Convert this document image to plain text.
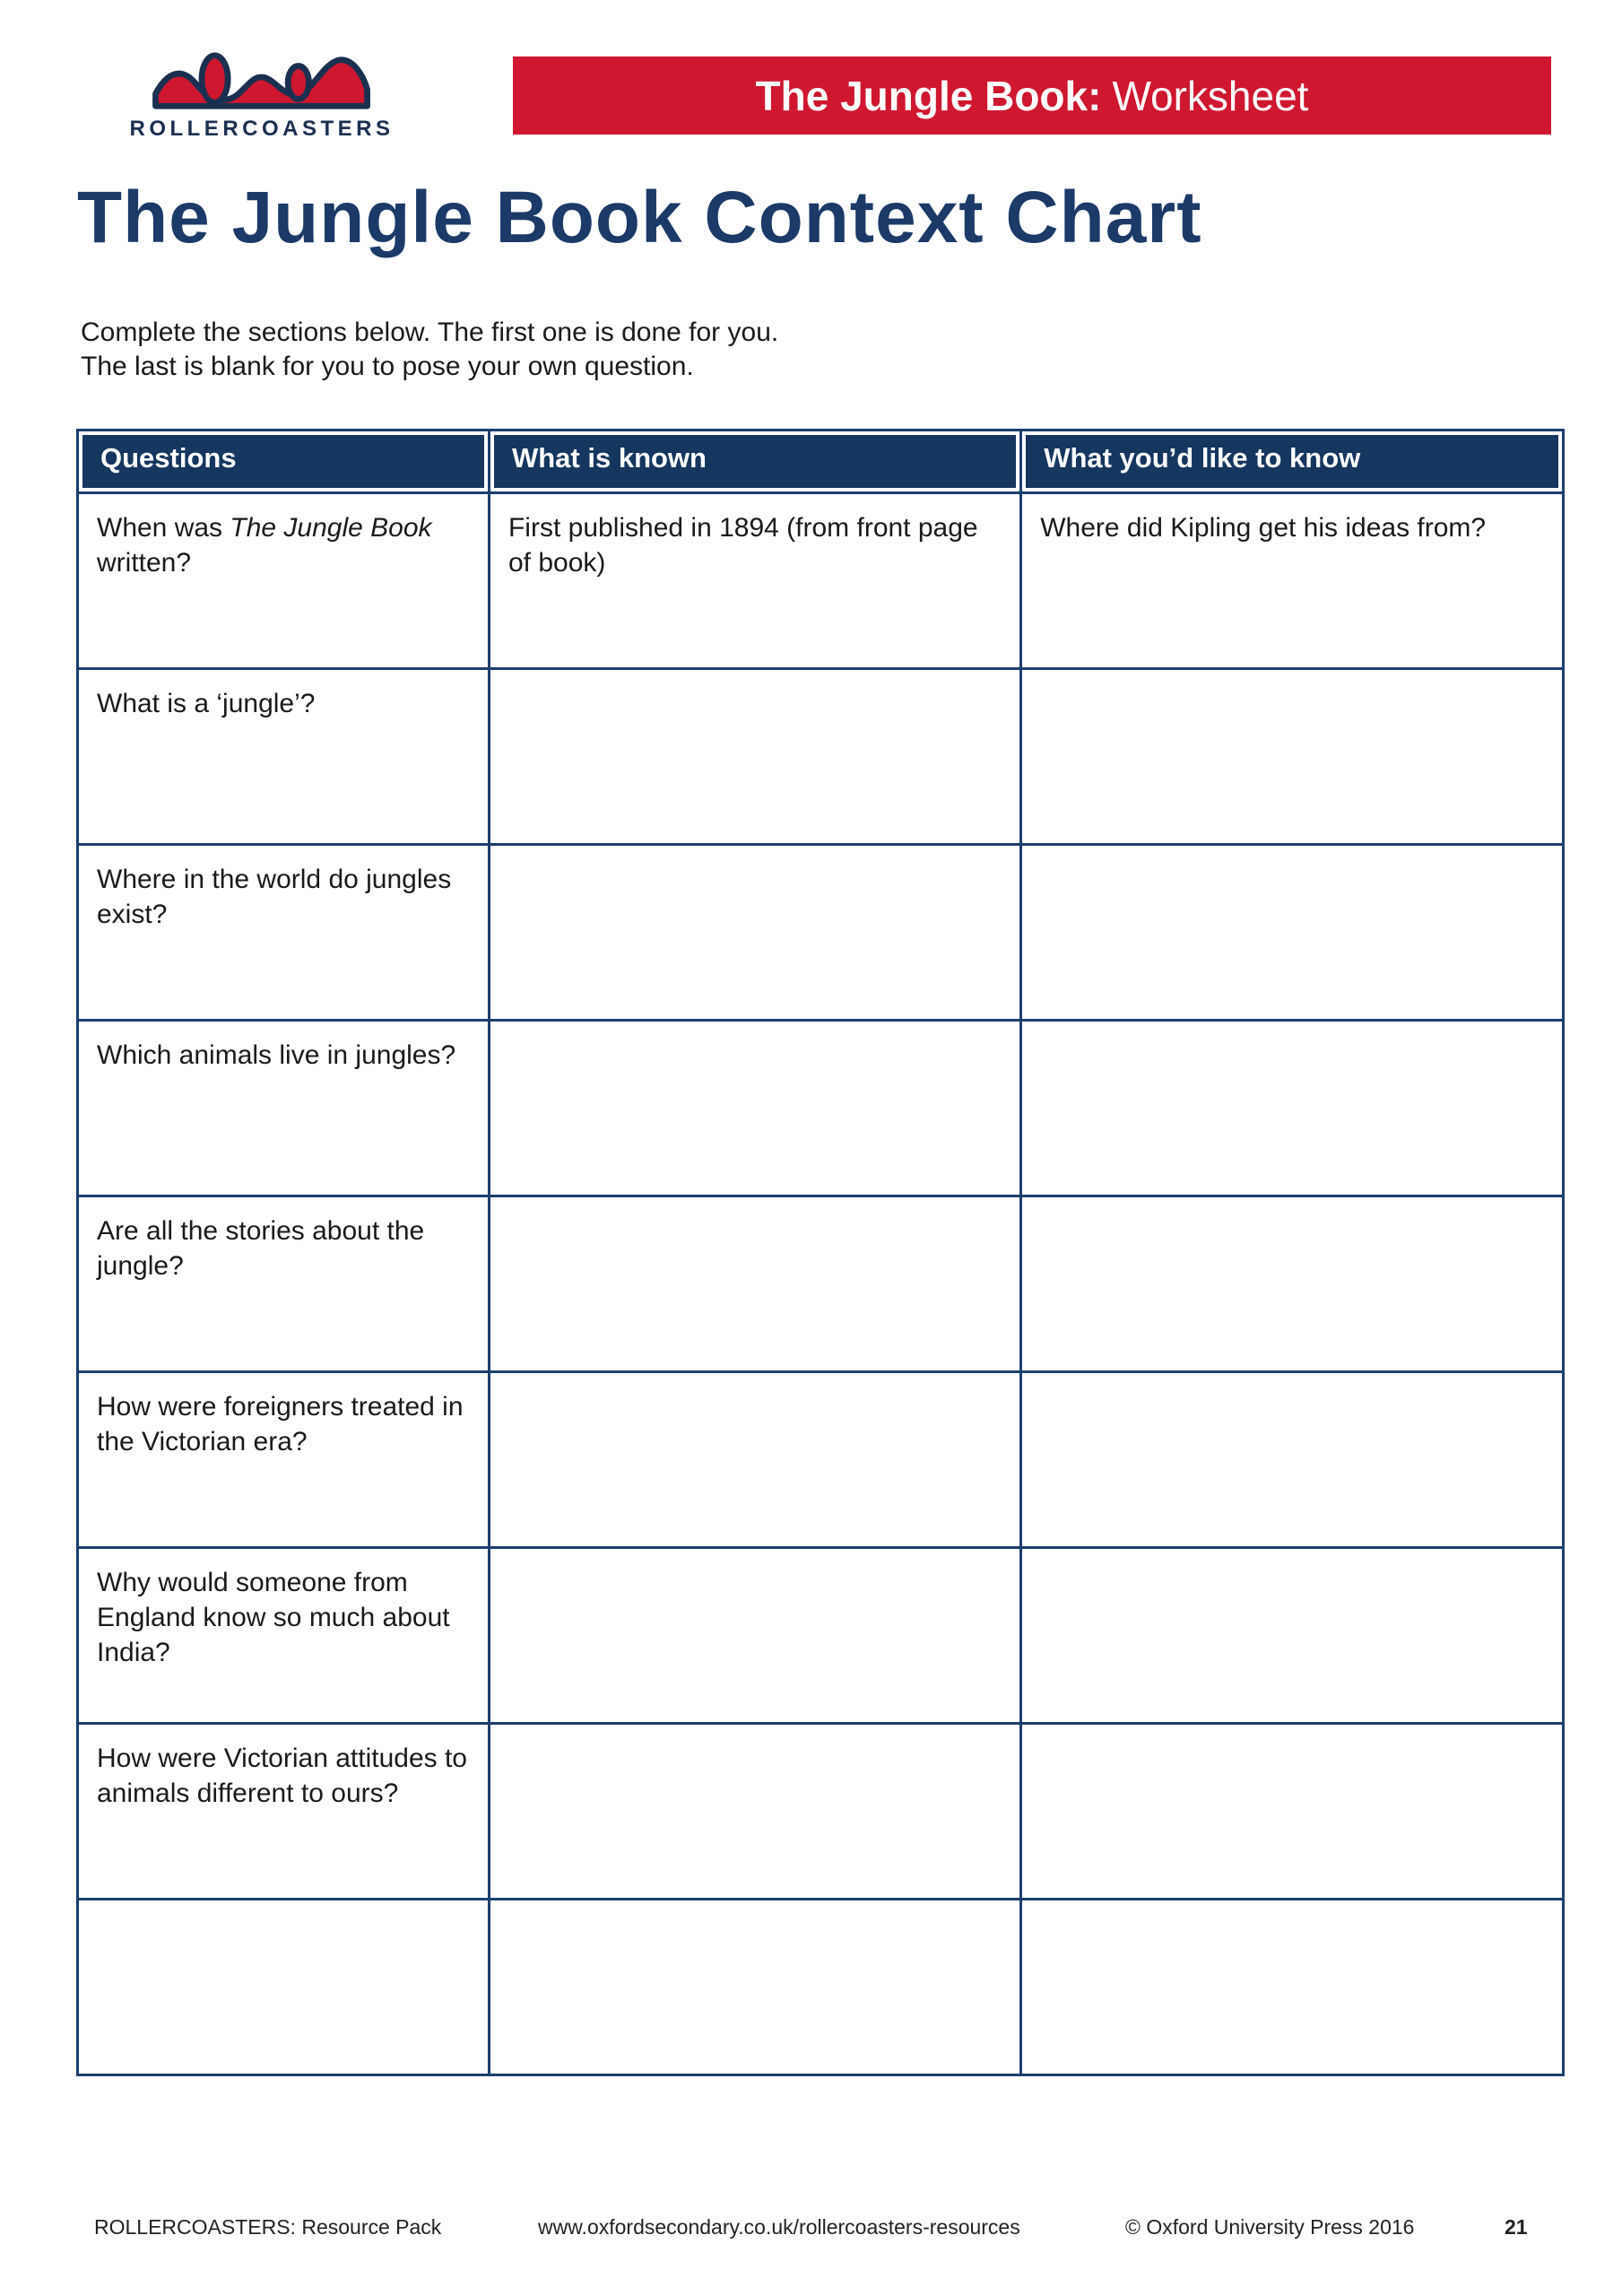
ROLLERCOASTERS
The Jungle Book: Worksheet
The Jungle Book Context Chart
Complete the sections below. The first one is done for you.
The last is blank for you to pose your own question.
Questions	What is known	What you’d like to know
When was The Jungle Book written?	First published in 1894 (from front page of book)	Where did Kipling get his ideas from?
What is a ‘jungle’?		
Where in the world do jungles exist?		
Which animals live in jungles?		
Are all the stories about the jungle?		
How were foreigners treated in the Victorian era?		
Why would someone from England know so much about India?		
How were Victorian attitudes to animals different to ours?		

ROLLERCOASTERS: Resource Pack	www.oxfordsecondary.co.uk/rollercoasters-resources	© Oxford University Press 2016	21
